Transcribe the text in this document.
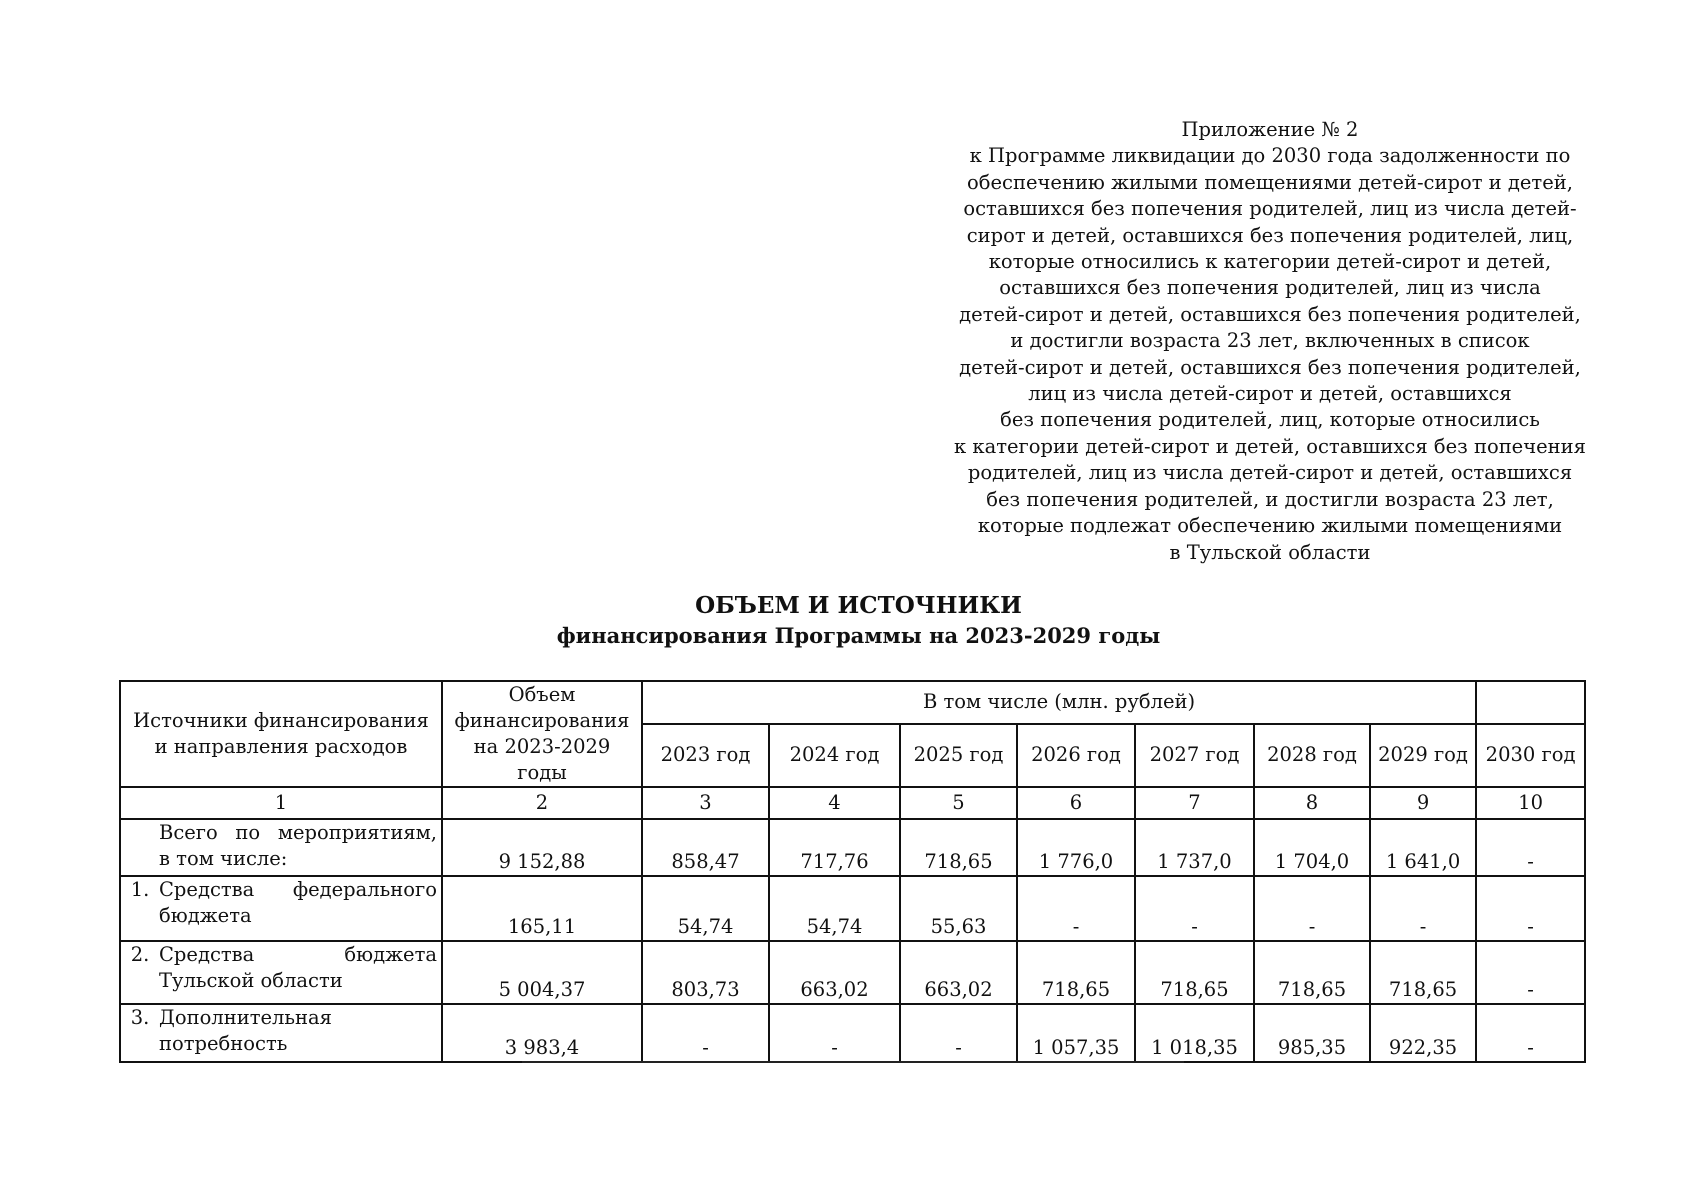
Приложение № 2
к Программе ликвидации до 2030 года задолженности по
обеспечению жилыми помещениями детей-сирот и детей,
оставшихся без попечения родителей, лиц из числа детей-
сирот и детей, оставшихся без попечения родителей, лиц,
которые относились к категории детей-сирот и детей,
оставшихся без попечения родителей, лиц из числа
детей-сирот и детей, оставшихся без попечения родителей,
и достигли возраста 23 лет, включенных в список
детей-сирот и детей, оставшихся без попечения родителей,
лиц из числа детей-сирот и детей, оставшихся
без попечения родителей, лиц, которые относились
к категории детей-сирот и детей, оставшихся без попечения
родителей, лиц из числа детей-сирот и детей, оставшихся
без попечения родителей, и достигли возраста 23 лет,
которые подлежат обеспечению жилыми помещениями
в Тульской области
ОБЪЕМ И ИСТОЧНИКИ
финансирования Программы на 2023-2029 годы
Источники финансирования и направления расходов	Объем финансирования на 2023-2029 годы	В том числе (млн. рублей)							
		2023 год	2024 год	2025 год	2026 год	2027 год	2028 год	2029 год	2030 год
1	2	3	4	5	6	7	8	9	10

Всего по мероприятиям,
в том числе:	9 152,88	858,47	717,76	718,65	1 776,0	1 737,0	1 704,0	1 641,0	-

1. Средства федерального
бюджета	165,11	54,74	54,74	55,63	-	-	-	-	-

2. Средства бюджета
Тульской области	5 004,37	803,73	663,02	663,02	718,65	718,65	718,65	718,65	-

3. Дополнительная
потребность	3 983,4	-	-	-	1 057,35	1 018,35	985,35	922,35	-
